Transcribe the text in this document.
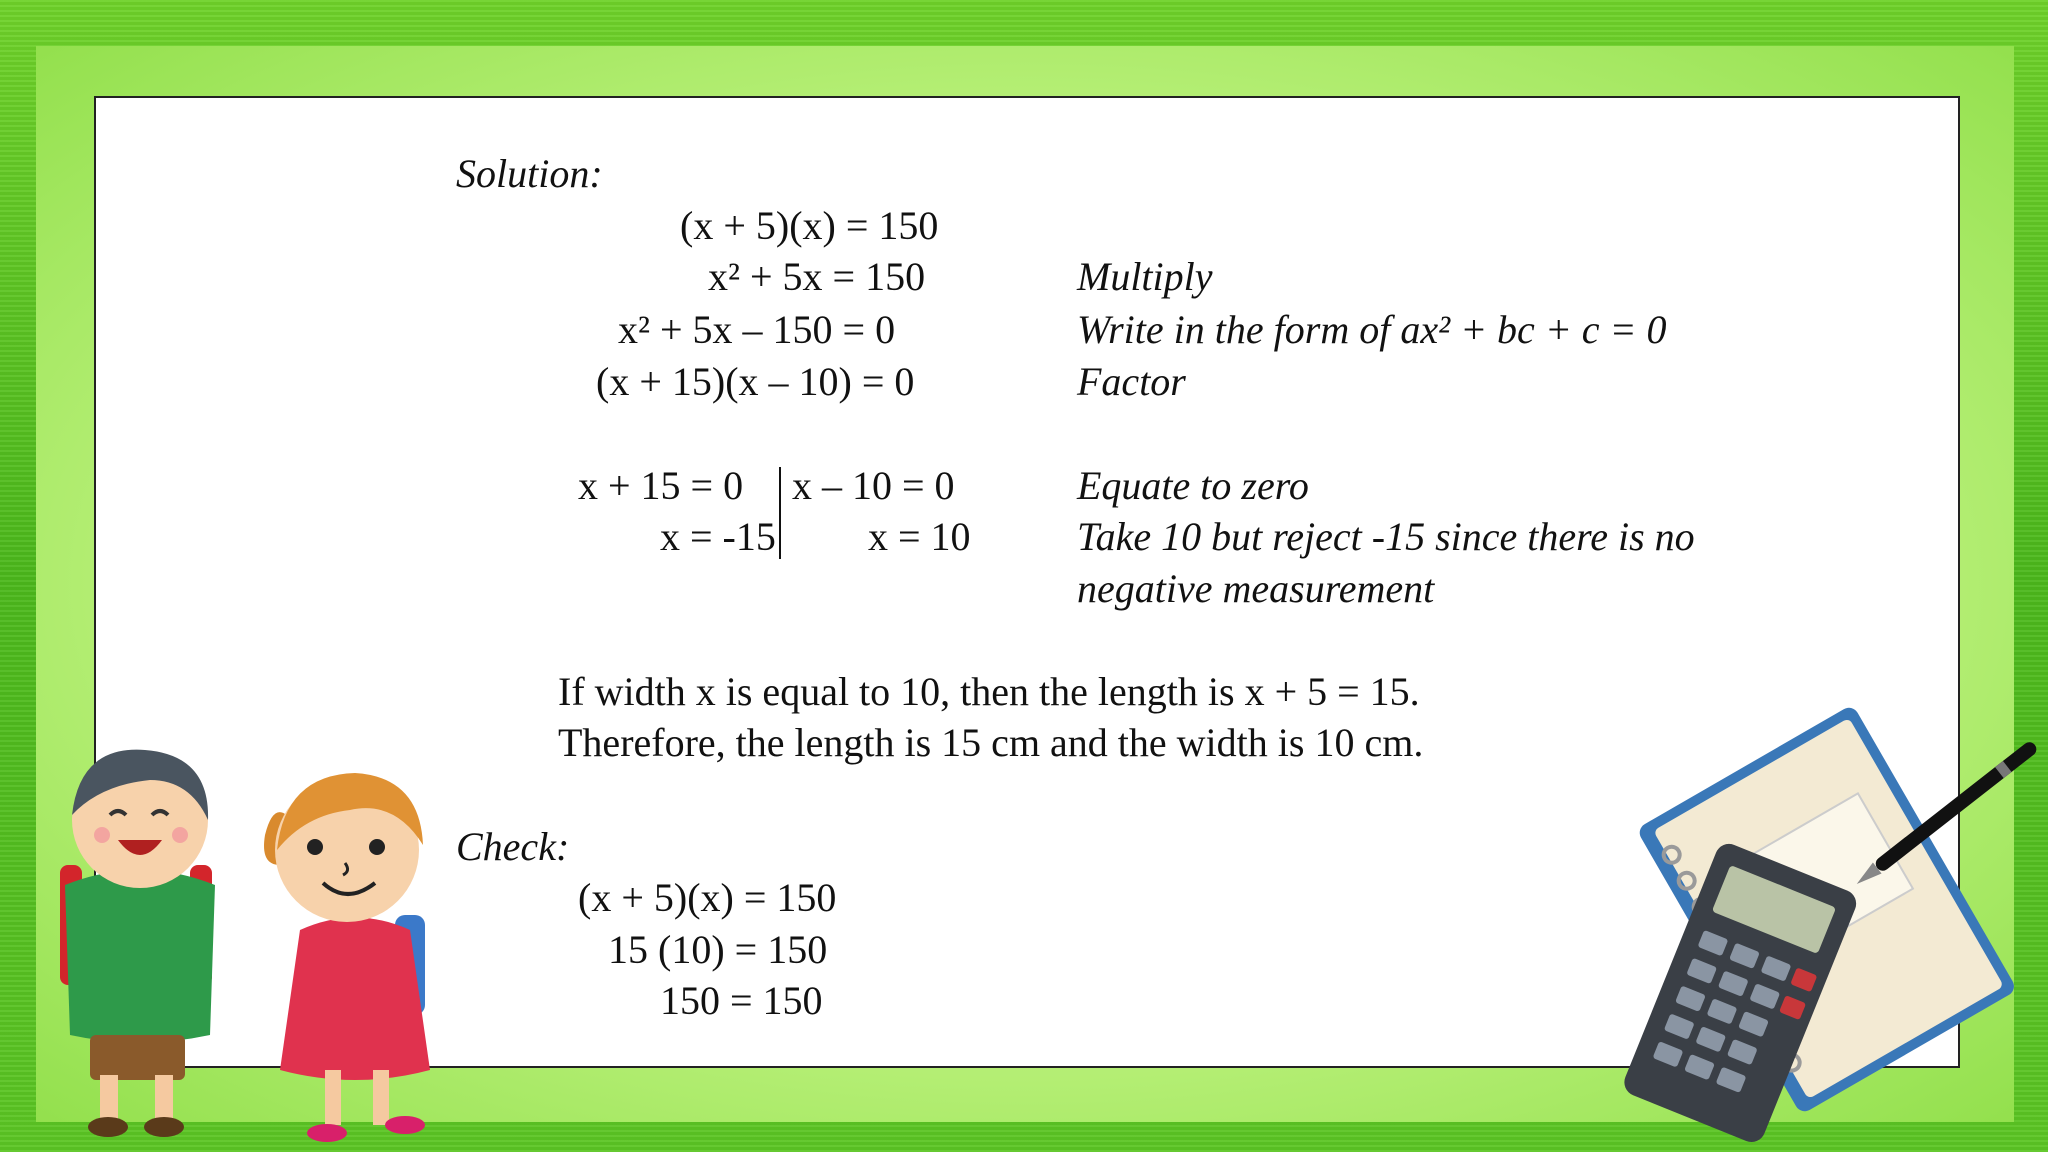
Solution:
(x + 5)(x) = 150
x² + 5x = 150
x² + 5x – 150 = 0
(x + 15)(x – 10) = 0
Multiply
Write in the form of ax² + bc + c = 0
Factor
x + 15 = 0
x = -15
x – 10 = 0
x = 10
Equate to zero
Take 10 but reject -15 since there is no
negative measurement
If width x is equal to 10, then the length is x + 5 = 15.
Therefore, the length is 15 cm and the width is 10 cm.
Check:
(x + 5)(x) = 150
15 (10) = 150
150 = 150
